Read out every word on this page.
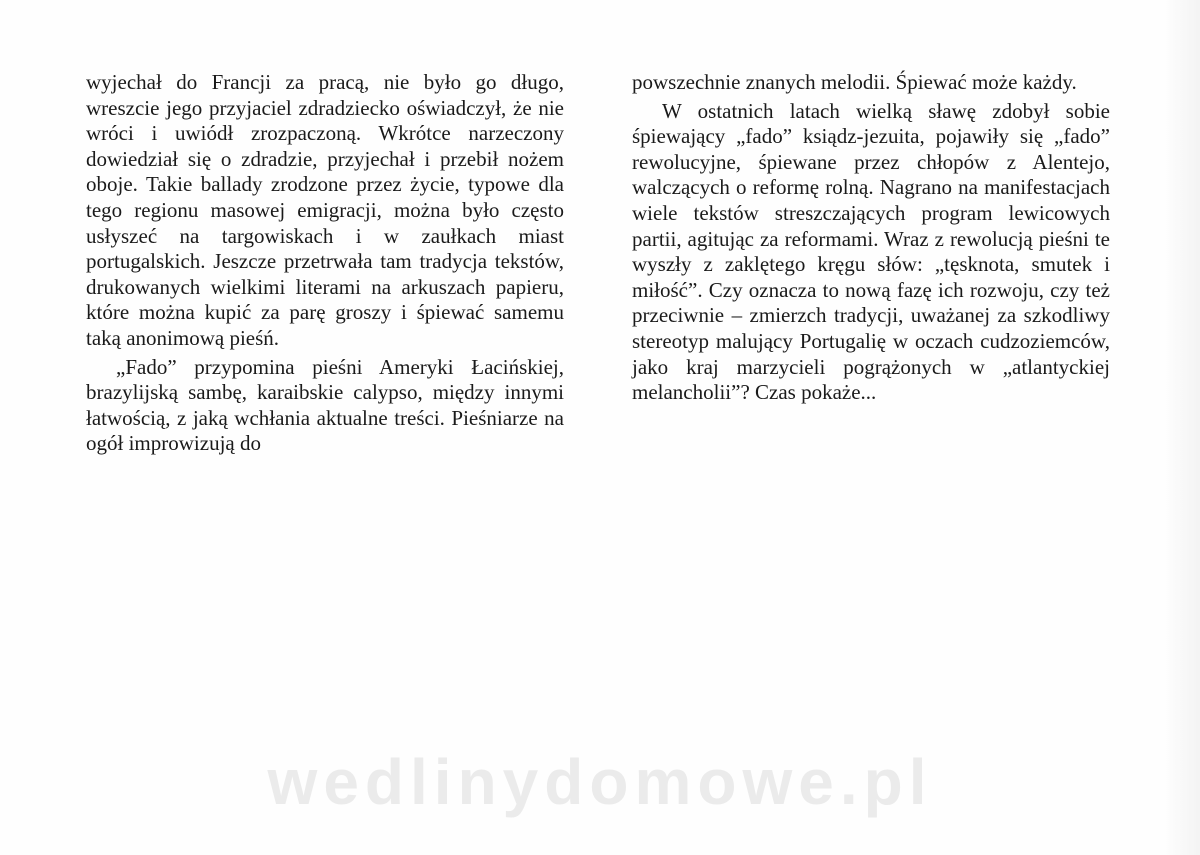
wyjechał do Francji za pracą, nie było go długo, wreszcie jego przyjaciel zdradziecko oświadczył, że nie wróci i uwiódł zrozpaczoną. Wkrótce narzeczony dowiedział się o zdradzie, przyjechał i przebił nożem oboje. Takie ballady zrodzone przez życie, typowe dla tego regionu masowej emigracji, można było często usłyszeć na targowiskach i w zaułkach miast portugalskich. Jeszcze przetrwała tam tradycja tekstów, drukowanych wielkimi literami na arkuszach papieru, które można kupić za parę groszy i śpiewać samemu taką anonimową pieśń.

„Fado” przypomina pieśni Ameryki Łacińskiej, brazylijską sambę, karaibskie calypso, między innymi łatwością, z jaką wchłania aktualne treści. Pieśniarze na ogół improwizują do

powszechnie znanych melodii. Śpiewać może każdy.

W ostatnich latach wielką sławę zdobył sobie śpiewający „fado” ksiądz-jezuita, pojawiły się „fado” rewolucyjne, śpiewane przez chłopów z Alentejo, walczących o reformę rolną. Nagrano na manifestacjach wiele tekstów streszczających program lewicowych partii, agitując za reformami. Wraz z rewolucją pieśni te wyszły z zaklętego kręgu słów: „tęsknota, smutek i miłość”. Czy oznacza to nową fazę ich rozwoju, czy też przeciwnie – zmierzch tradycji, uważanej za szkodliwy stereotyp malujący Portugalię w oczach cudzoziemców, jako kraj marzycieli pogrążonych w „atlantyckiej melancholii”? Czas pokaże...

wedlinydomowe.pl
